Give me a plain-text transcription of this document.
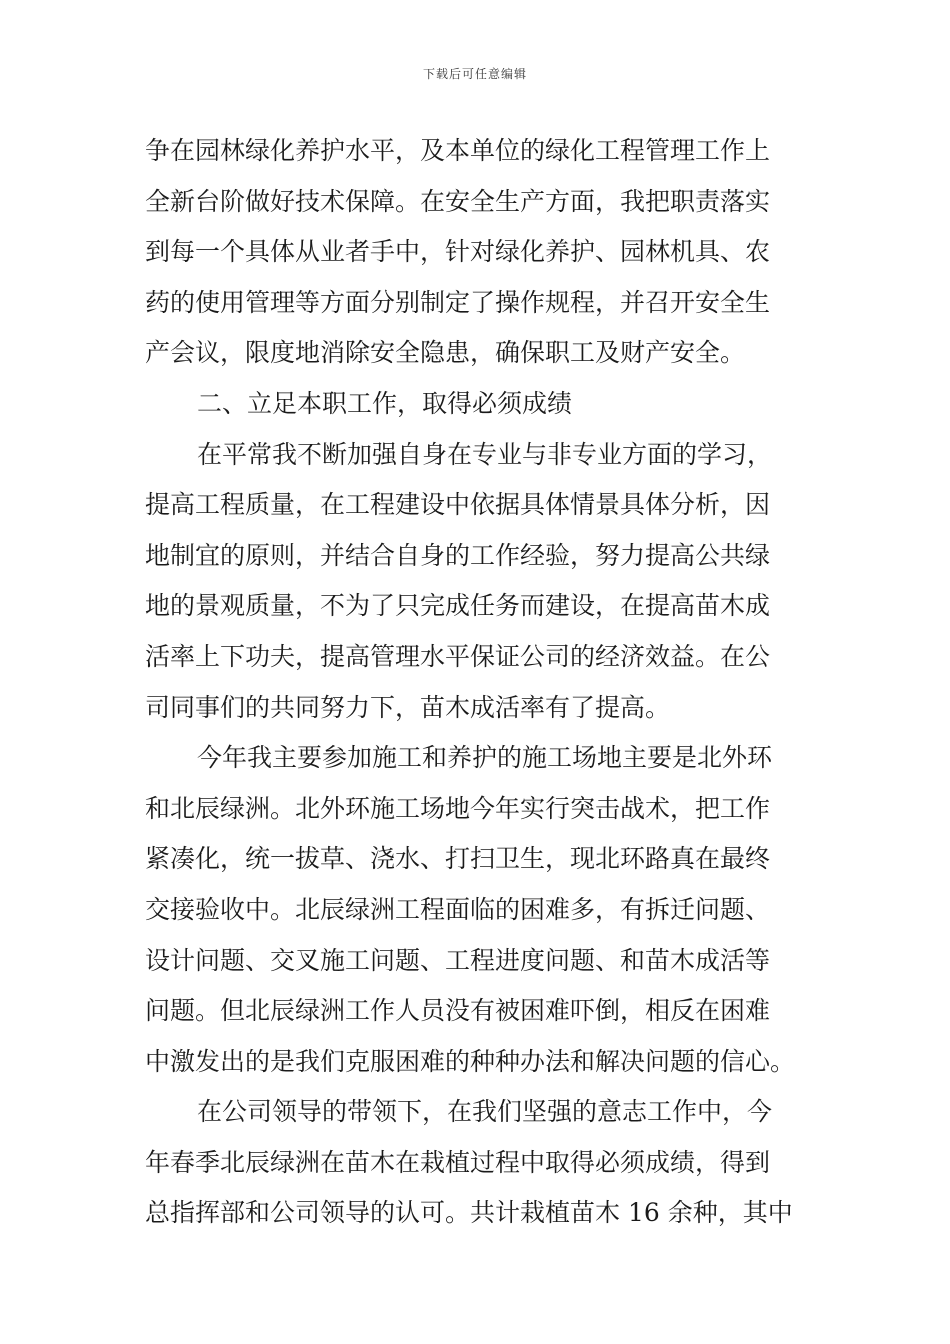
下载后可任意编辑
争在园林绿化养护水平，及本单位的绿化工程管理工作上
全新台阶做好技术保障。在安全生产方面，我把职责落实
到每一个具体从业者手中，针对绿化养护、园林机具、农
药的使用管理等方面分别制定了操作规程，并召开安全生
产会议，限度地消除安全隐患，确保职工及财产安全。
二、立足本职工作，取得必须成绩
在平常我不断加强自身在专业与非专业方面的学习，
提高工程质量，在工程建设中依据具体情景具体分析，因
地制宜的原则，并结合自身的工作经验，努力提高公共绿
地的景观质量，不为了只完成任务而建设，在提高苗木成
活率上下功夫，提高管理水平保证公司的经济效益。在公
司同事们的共同努力下，苗木成活率有了提高。
今年我主要参加施工和养护的施工场地主要是北外环
和北辰绿洲。北外环施工场地今年实行突击战术，把工作
紧凑化，统一拔草、浇水、打扫卫生，现北环路真在最终
交接验收中。北辰绿洲工程面临的困难多，有拆迁问题、
设计问题、交叉施工问题、工程进度问题、和苗木成活等
问题。但北辰绿洲工作人员没有被困难吓倒，相反在困难
中激发出的是我们克服困难的种种办法和解决问题的信心。
在公司领导的带领下，在我们坚强的意志工作中，今
年春季北辰绿洲在苗木在栽植过程中取得必须成绩，得到
总指挥部和公司领导的认可。共计栽植苗木 16 余种，其中
